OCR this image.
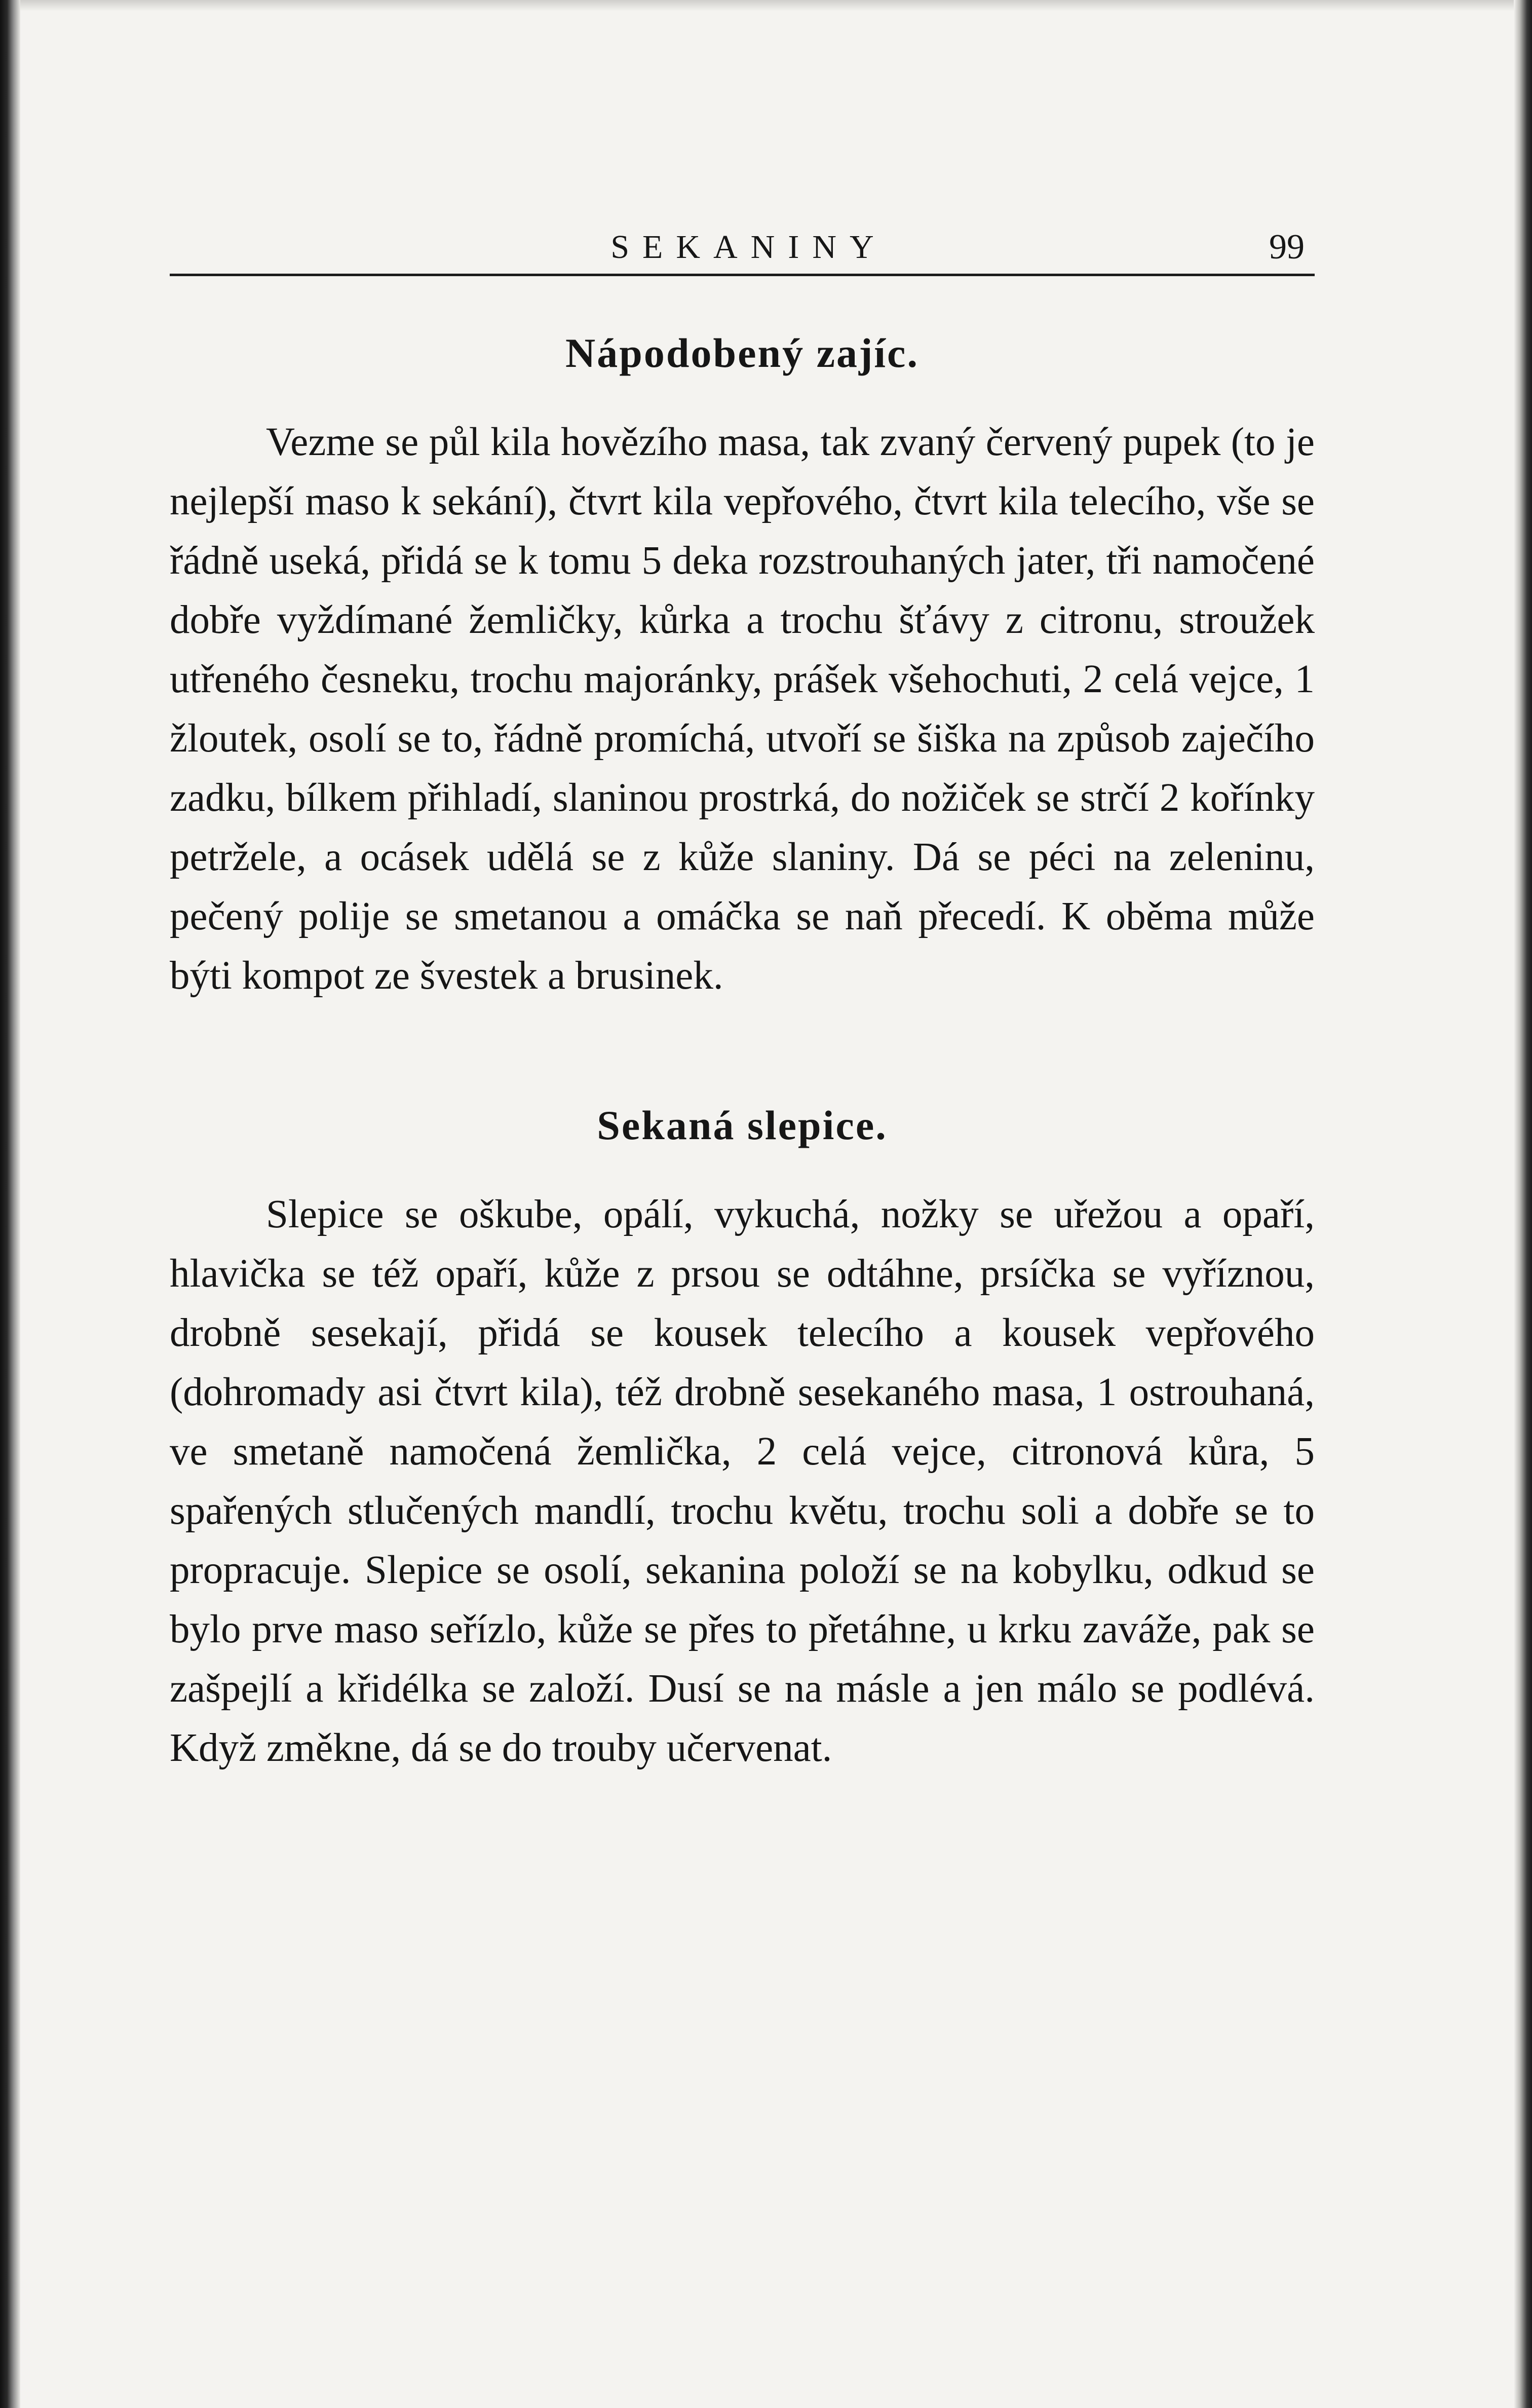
SEKANINY	99
Nápodobený zajíc.

Vezme se půl kila hovězího masa, tak zvaný červený pupek (to je nejlepší maso k sekání), čtvrt kila vepřového, čtvrt kila telecího, vše se řádně useká, přidá se k tomu 5 deka rozstrouhaných jater, tři namočené dobře vyždímané žemličky, kůrka a trochu šťávy z citronu, stroužek utřeného česneku, trochu majoránky, prášek všehochuti, 2 celá vejce, 1 žloutek, osolí se to, řádně promíchá, utvoří se šiška na způsob zaječího zadku, bílkem přihladí, slaninou prostrká, do nožiček se strčí 2 kořínky petržele, a ocásek udělá se z kůže slaniny. Dá se péci na zeleninu, pečený polije se smetanou a omáčka se naň přecedí. K oběma může býti kompot ze švestek a brusinek.

Sekaná slepice.

Slepice se oškube, opálí, vykuchá, nožky se uřežou a opaří, hlavička se též opaří, kůže z prsou se odtáhne, prsíčka se vyříznou, drobně sesekají, přidá se kousek telecího a kousek vepřového (dohromady asi čtvrt kila), též drobně sesekaného masa, 1 ostrouhaná, ve smetaně namočená žemlička, 2 celá vejce, citronová kůra, 5 spařených stlučených mandlí, trochu květu, trochu soli a dobře se to propracuje. Slepice se osolí, sekanina položí se na kobylku, odkud se bylo prve maso seřízlo, kůže se přes to přetáhne, u krku zaváže, pak se zašpejlí a křidélka se založí. Dusí se na másle a jen málo se podlévá. Když změkne, dá se do trouby učervenat.
